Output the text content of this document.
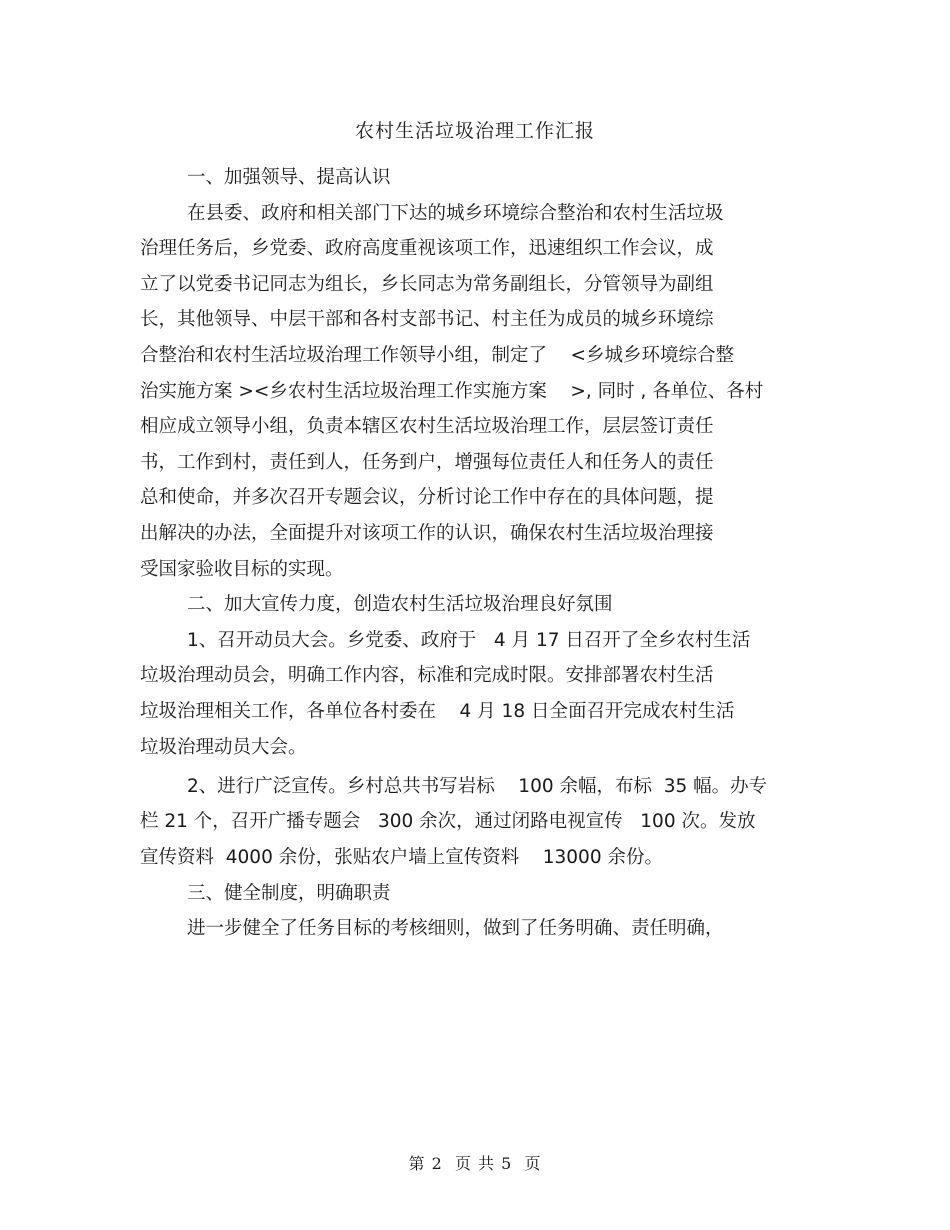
农村生活垃圾治理工作汇报
一、加强领导、提高认识
在县委、政府和相关部门下达的城乡环境综合整治和农村生活垃圾
治理任务后，乡党委、政府高度重视该项工作，迅速组织工作会议，成
立了以党委书记同志为组长，乡长同志为常务副组长，分管领导为副组
长，其他领导、中层干部和各村支部书记、村主任为成员的城乡环境综
合整治和农村生活垃圾治理工作领导小组，制定了    <乡城乡环境综合整
治实施方案 ><乡农村生活垃圾治理工作实施方案    >, 同时 , 各单位、各村
相应成立领导小组，负责本辖区农村生活垃圾治理工作，层层签订责任
书，工作到村，责任到人，任务到户，增强每位责任人和任务人的责任
总和使命，并多次召开专题会议，分析讨论工作中存在的具体问题，提
出解决的办法，全面提升对该项工作的认识，确保农村生活垃圾治理接
受国家验收目标的实现。
二、加大宣传力度，创造农村生活垃圾治理良好氛围
1、召开动员大会。乡党委、政府于   4 月 17 日召开了全乡农村生活
垃圾治理动员会，明确工作内容，标准和完成时限。安排部署农村生活
垃圾治理相关工作，各单位各村委在    4 月 18 日全面召开完成农村生活
垃圾治理动员大会。
2、进行广泛宣传。乡村总共书写岩标    100 余幅，布标  35 幅。办专
栏 21 个，召开广播专题会   300 余次，通过闭路电视宣传   100 次。发放
宣传资料  4000 余份，张贴农户墙上宣传资料    13000 余份。
三、健全制度，明确职责
进一步健全了任务目标的考核细则，做到了任务明确、责任明确，
第 2  页 共 5  页
